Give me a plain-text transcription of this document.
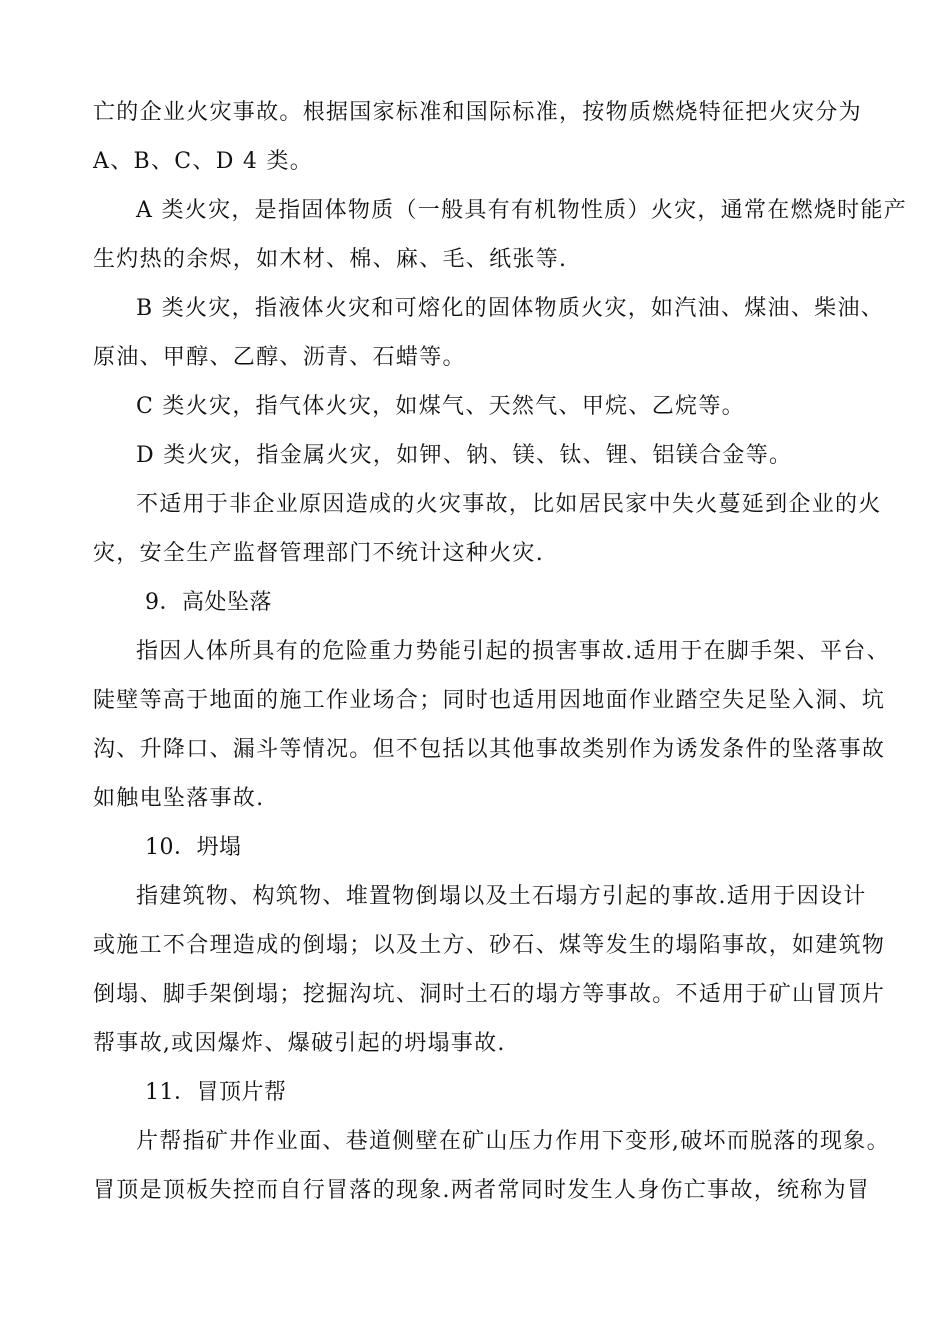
亡的企业火灾事故。根据国家标准和国际标准，按物质燃烧特征把火灾分为
A、B、C、D 4 类。
A 类火灾，是指固体物质（一般具有有机物性质）火灾，通常在燃烧时能产
生灼热的余烬，如木材、棉、麻、毛、纸张等.
B 类火灾，指液体火灾和可熔化的固体物质火灾，如汽油、煤油、柴油、
原油、甲醇、乙醇、沥青、石蜡等。
C 类火灾，指气体火灾，如煤气、天然气、甲烷、乙烷等。
D 类火灾，指金属火灾，如钾、钠、镁、钛、锂、铝镁合金等。
不适用于非企业原因造成的火灾事故，比如居民家中失火蔓延到企业的火
灾，安全生产监督管理部门不统计这种火灾.
9．高处坠落
指因人体所具有的危险重力势能引起的损害事故.适用于在脚手架、平台、
陡壁等高于地面的施工作业场合；同时也适用因地面作业踏空失足坠入洞、坑
沟、升降口、漏斗等情况。但不包括以其他事故类别作为诱发条件的坠落事故
如触电坠落事故.
10．坍塌
指建筑物、构筑物、堆置物倒塌以及土石塌方引起的事故.适用于因设计
或施工不合理造成的倒塌；以及土方、砂石、煤等发生的塌陷事故，如建筑物
倒塌、脚手架倒塌；挖掘沟坑、洞时土石的塌方等事故。不适用于矿山冒顶片
帮事故,或因爆炸、爆破引起的坍塌事故.
11．冒顶片帮
片帮指矿井作业面、巷道侧壁在矿山压力作用下变形,破坏而脱落的现象。
冒顶是顶板失控而自行冒落的现象.两者常同时发生人身伤亡事故，统称为冒
